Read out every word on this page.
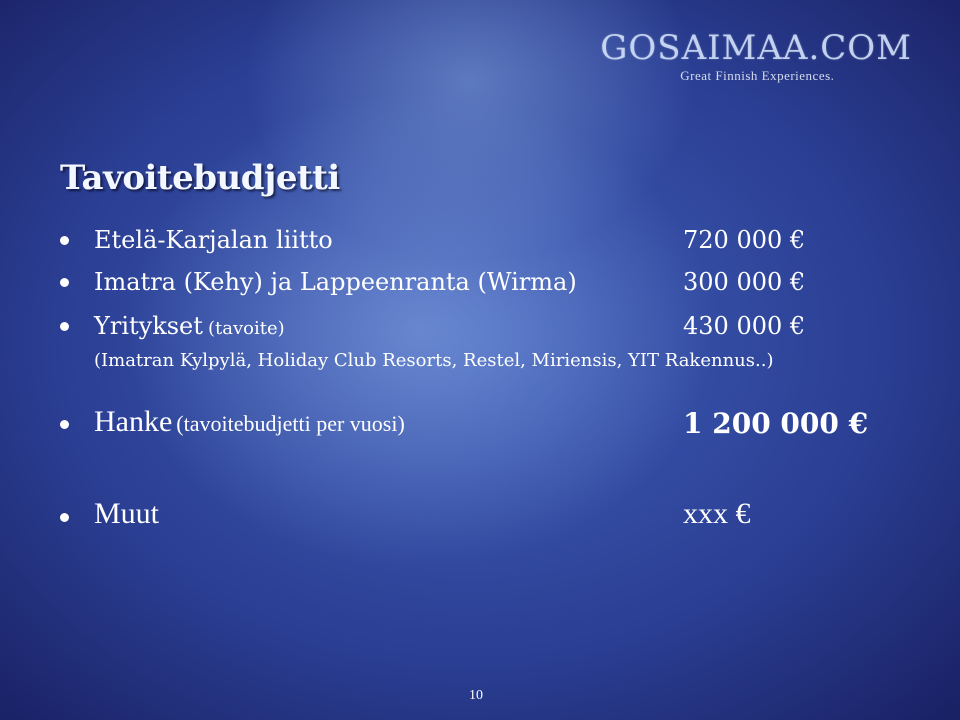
GOSAIMAA.COM
Great Finnish Experiences.
Tavoitebudjetti
Etelä-Karjalan liitto	720 000 €
Imatra (Kehy) ja Lappeenranta (Wirma)	300 000 €
Yritykset (tavoite)	430 000 €
(Imatran Kylpylä, Holiday Club Resorts, Restel, Miriensis, YIT Rakennus..)
Hanke (tavoitebudjetti per vuosi)	1 200 000 €
Muut	xxx €
10
